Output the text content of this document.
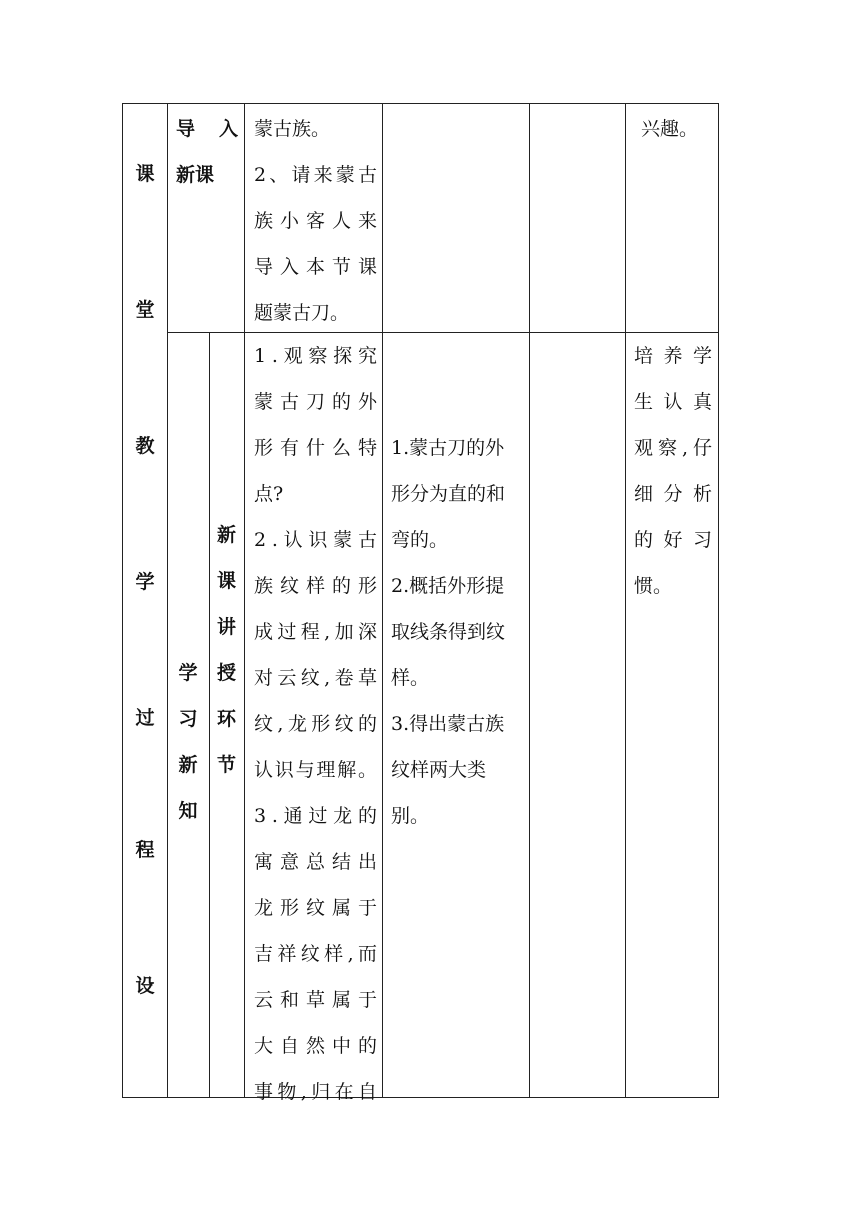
课
堂
教
学
过
程
设

导 入

新课

蒙古族。

2 、 请 来 蒙 古

族 小 客 人 来

导 入 本 节 课

题蒙古刀。

兴趣。
学
习
新
知
新
课
讲
授
环
节

1 . 观 察 探 究

蒙 古 刀 的 外

形 有 什 么 特

点?

2 . 认 识 蒙 古

族 纹 样 的 形

成 过 程 , 加 深

对 云 纹 , 卷 草

纹 , 龙 形 纹 的

认 识 与 理 解 。

3 . 通 过 龙 的

寓 意 总 结 出

龙 形 纹 属 于

吉 祥 纹 样 , 而

云 和 草 属 于

大 自 然 中 的

事 物 , 归 在 自

1.蒙古刀的外

形分为直的和

弯的。

2.概括外形提

取线条得到纹

样。

3.得出蒙古族

纹样两大类

别。

培 养 学

生 认 真

观 察 , 仔

细 分 析

的 好 习

惯。
